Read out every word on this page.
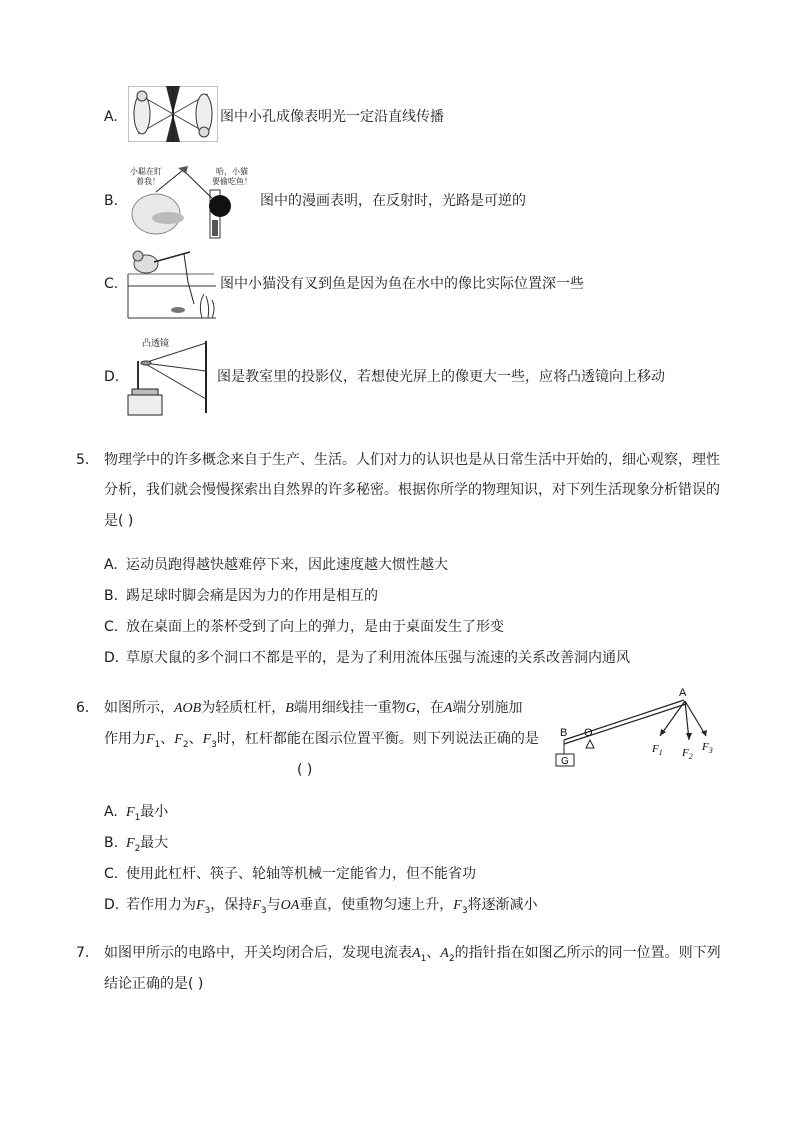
A.	图中小孔成像表明光一定沿直线传播
B.
小聪在盯
着我！
哈，小猫
要偷吃鱼！
图中的漫画表明，在反射时，光路是可逆的
C.	图中小猫没有叉到鱼是因为鱼在水中的像比实际位置深一些
D.
凸透镜
图是教室里的投影仪，若想使光屏上的像更大一些，应将凸透镜向上移动
5. 物理学中的许多概念来自于生产、生活。人们对力的认识也是从日常生活中开始的，细心观察，理性
分析，我们就会慢慢探索出自然界的许多秘密。根据你所学的物理知识，对下列生活现象分析错误的
是( )
A. 运动员跑得越快越难停下来，因此速度越大惯性越大
B. 踢足球时脚会痛是因为力的作用是相互的
C. 放在桌面上的茶杯受到了向上的弹力，是由于桌面发生了形变
D. 草原犬鼠的多个洞口不都是平的，是为了利用流体压强与流速的关系改善洞内通风
6. 如图所示，AOB为轻质杠杆，B端用细线挂一重物G，在A端分别施加
作用力$F_1$、$F_2$、$F_3$时，杠杆都能在图示位置平衡。则下列说法正确的是
( )
G
B O
A
$F_1$ $F_2$
$F_3$
A. $F_1$最小
B. $F_2$最大
C. 使用此杠杆、筷子、轮轴等机械一定能省力，但不能省功
D. 若作用力为$F_3$，保持$F_3$与OA垂直，使重物匀速上升，$F_3$将逐渐减小
7. 如图甲所示的电路中，开关均闭合后，发现电流表$A_1$、$A_2$的指针指在如图乙所示的同一位置。则下列
结论正确的是( )
